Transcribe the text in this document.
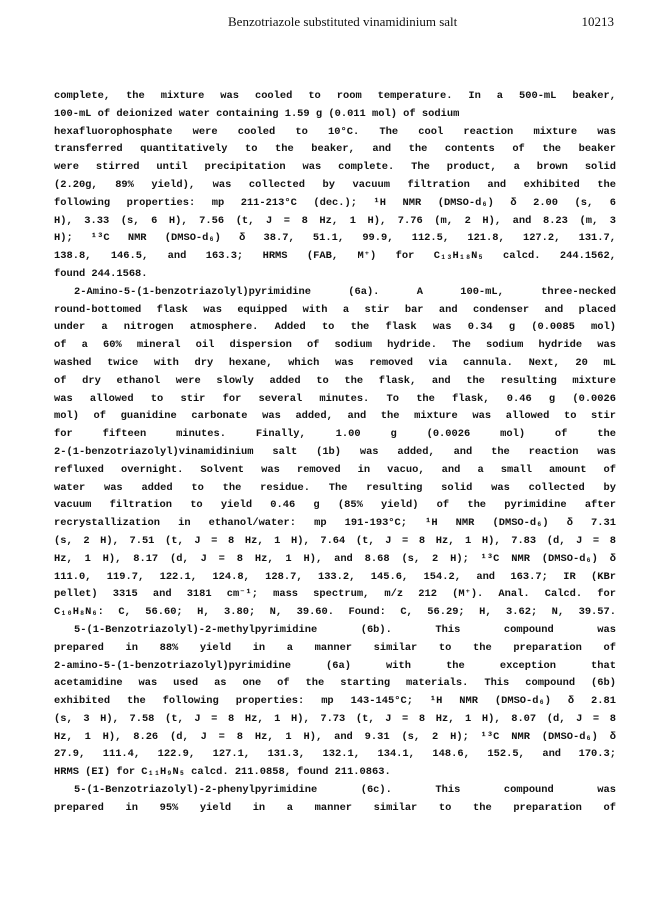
Benzotriazole substituted vinamidinium salt	10213
complete, the mixture was cooled to room temperature. In a 500-mL beaker,
100-mL of deionized water containing 1.59 g (0.011 mol) of sodium
hexafluorophosphate were cooled to 10°C. The cool reaction mixture was
transferred quantitatively to the beaker, and the contents of the beaker
were stirred until precipitation was complete. The product, a brown solid
(2.20g, 89% yield), was collected by vacuum filtration and exhibited the
following properties: mp 211-213°C (dec.); ¹H NMR (DMSO-d₆) δ 2.00 (s, 6
H), 3.33 (s, 6 H), 7.56 (t, J = 8 Hz, 1 H), 7.76 (m, 2 H), and 8.23 (m, 3
H); ¹³C NMR (DMSO-d₆) δ 38.7, 51.1, 99.9, 112.5, 121.8, 127.2, 131.7,
138.8, 146.5, and 163.3; HRMS (FAB, M⁺) for C₁₃H₁₈N₅ calcd. 244.1562,
found 244.1568.
2-Amino-5-(1-benzotriazolyl)pyrimidine (6a). A 100-mL, three-necked
round-bottomed flask was equipped with a stir bar and condenser and placed
under a nitrogen atmosphere. Added to the flask was 0.34 g (0.0085 mol)
of a 60% mineral oil dispersion of sodium hydride. The sodium hydride was
washed twice with dry hexane, which was removed via cannula. Next, 20 mL
of dry ethanol were slowly added to the flask, and the resulting mixture
was allowed to stir for several minutes. To the flask, 0.46 g (0.0026
mol) of guanidine carbonate was added, and the mixture was allowed to stir
for fifteen minutes. Finally, 1.00 g (0.0026 mol) of the
2-(1-benzotriazolyl)vinamidinium salt (1b) was added, and the reaction was
refluxed overnight. Solvent was removed in vacuo, and a small amount of
water was added to the residue. The resulting solid was collected by
vacuum filtration to yield 0.46 g (85% yield) of the pyrimidine after
recrystallization in ethanol/water: mp 191-193°C; ¹H NMR (DMSO-d₆) δ 7.31
(s, 2 H), 7.51 (t, J = 8 Hz, 1 H), 7.64 (t, J = 8 Hz, 1 H), 7.83 (d, J = 8
Hz, 1 H), 8.17 (d, J = 8 Hz, 1 H), and 8.68 (s, 2 H); ¹³C NMR (DMSO-d₆) δ
111.0, 119.7, 122.1, 124.8, 128.7, 133.2, 145.6, 154.2, and 163.7; IR (KBr
pellet) 3315 and 3181 cm⁻¹; mass spectrum, m/z 212 (M⁺). Anal. Calcd. for
C₁₀H₈N₆: C, 56.60; H, 3.80; N, 39.60. Found: C, 56.29; H, 3.62; N, 39.57.
5-(1-Benzotriazolyl)-2-methylpyrimidine (6b). This compound was
prepared in 88% yield in a manner similar to the preparation of
2-amino-5-(1-benzotriazolyl)pyrimidine (6a) with the exception that
acetamidine was used as one of the starting materials. This compound (6b)
exhibited the following properties: mp 143-145°C; ¹H NMR (DMSO-d₆) δ 2.81
(s, 3 H), 7.58 (t, J = 8 Hz, 1 H), 7.73 (t, J = 8 Hz, 1 H), 8.07 (d, J = 8
Hz, 1 H), 8.26 (d, J = 8 Hz, 1 H), and 9.31 (s, 2 H); ¹³C NMR (DMSO-d₆) δ
27.9, 111.4, 122.9, 127.1, 131.3, 132.1, 134.1, 148.6, 152.5, and 170.3;
HRMS (EI) for C₁₁H₉N₅ calcd. 211.0858, found 211.0863.
5-(1-Benzotriazolyl)-2-phenylpyrimidine (6c). This compound was
prepared in 95% yield in a manner similar to the preparation of
